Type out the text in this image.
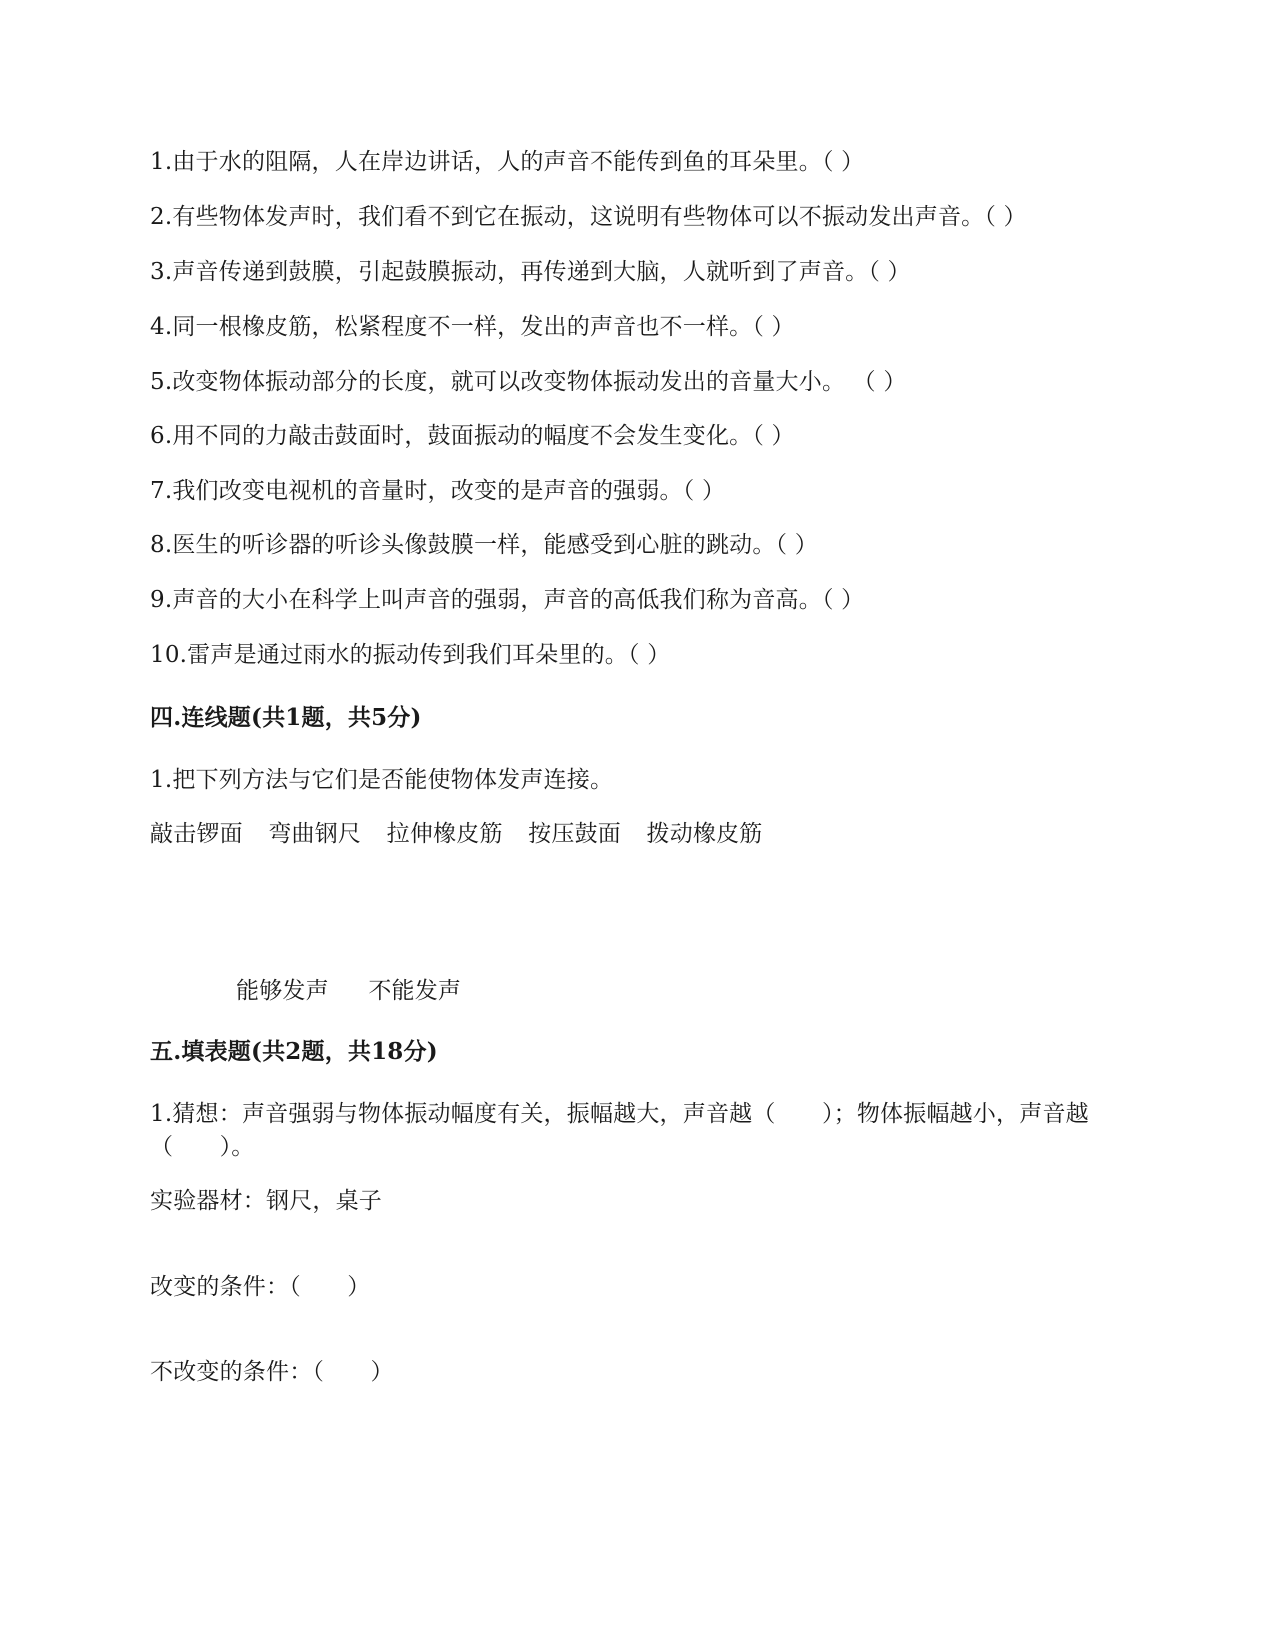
1.由于水的阻隔，人在岸边讲话，人的声音不能传到鱼的耳朵里。（ ）
2.有些物体发声时，我们看不到它在振动，这说明有些物体可以不振动发出声音。（ ）
3.声音传递到鼓膜，引起鼓膜振动，再传递到大脑，人就听到了声音。（ ）
4.同一根橡皮筋，松紧程度不一样，发出的声音也不一样。（ ）
5.改变物体振动部分的长度，就可以改变物体振动发出的音量大小。 （ ）
6.用不同的力敲击鼓面时，鼓面振动的幅度不会发生变化。（ ）
7.我们改变电视机的音量时，改变的是声音的强弱。（ ）
8.医生的听诊器的听诊头像鼓膜一样，能感受到心脏的跳动。（ ）
9.声音的大小在科学上叫声音的强弱，声音的高低我们称为音高。（ ）
10.雷声是通过雨水的振动传到我们耳朵里的。（ ）
四.连线题(共1题，共5分)
1.把下列方法与它们是否能使物体发声连接。
敲击锣面 弯曲钢尺 拉伸橡皮筋 按压鼓面 拨动橡皮筋
能够发声 不能发声
五.填表题(共2题，共18分)
1.猜想：声音强弱与物体振动幅度有关，振幅越大，声音越（　　）；物体振幅越小，声音越（　　）。
实验器材：钢尺，桌子
改变的条件：（　　）
不改变的条件：（　　）
